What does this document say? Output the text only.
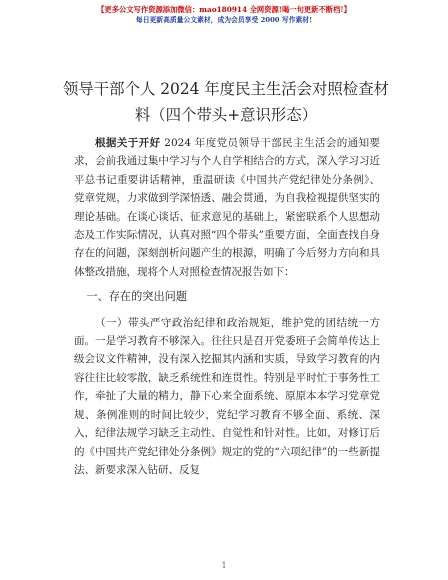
【更多公文写作资源添加微信：mao180914 全网资源!喝一句更新不断档!】
每日更新高质量公文素材，成为会员享受 2000 写作素材!
领导干部个人 2024 年度民主生活会对照检查材料（四个带头+意识形态）

根据关于开好 2024 年度党员领导干部民主生活会的通知要求，会前我通过集中学习与个人自学相结合的方式，深入学习习近平总书记重要讲话精神，重温研读《中国共产党纪律处分条例》、党章党规，力求做到学深悟透、融会贯通，为自我检视提供坚实的理论基础。在谈心谈话、征求意见的基础上，紧密联系个人思想动态及工作实际情况，认真对照“四个带头”重要方面，全面查找自身存在的问题，深刻剖析问题产生的根源，明确了今后努力方向和具体整改措施，现将个人对照检查情况报告如下：

一、存在的突出问题

（一）带头严守政治纪律和政治规矩，维护党的团结统一方面。一是学习教育不够深入。往往只是召开党委班子会简单传达上级会议文件精神，没有深入挖掘其内涵和实质，导致学习教育的内容往往比较零散，缺乏系统性和连贯性。特别是平时忙于事务性工作，牵扯了大量的精力，静下心来全面系统、原原本本学习党章党规、条例准则的时间比较少，党纪学习教育不够全面、系统、深入，纪律法规学习缺乏主动性、自觉性和针对性。比如，对修订后的《中国共产党纪律处分条例》规定的党的“六项纪律”的一些新提法、新要求深入钻研、反复

1
